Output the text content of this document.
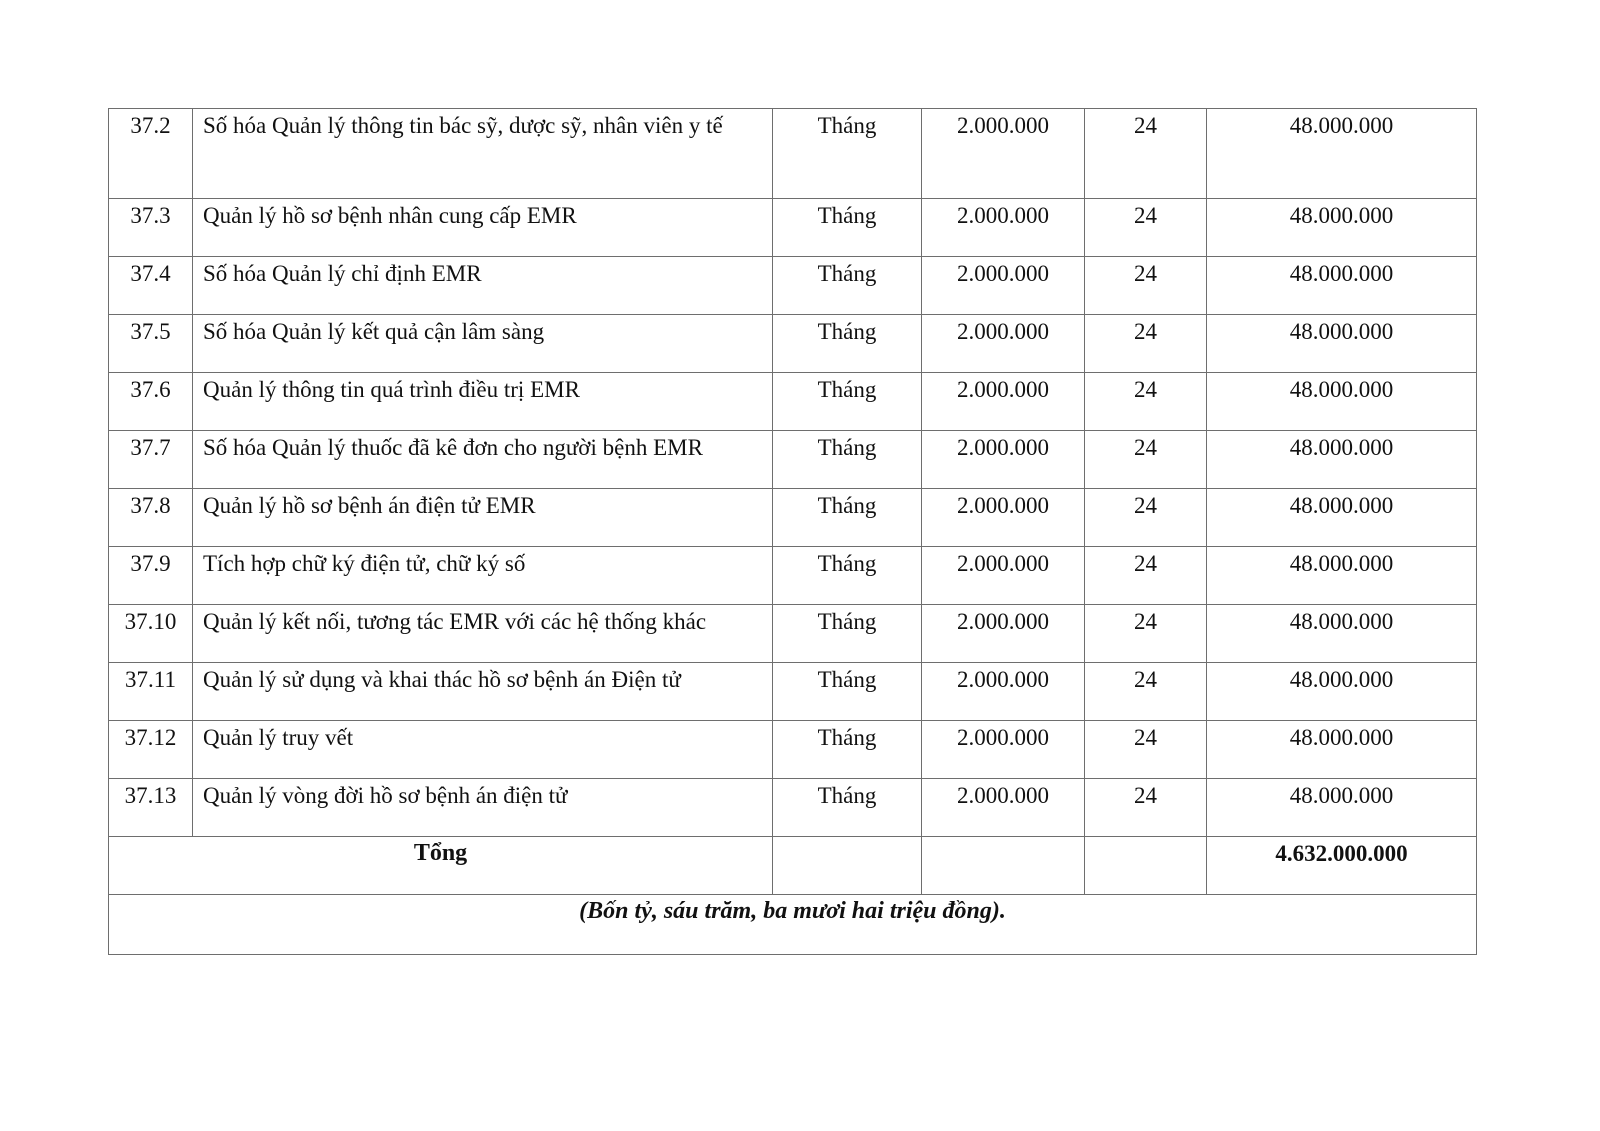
37.2	Số hóa Quản lý thông tin bác sỹ, dược sỹ, nhân viên y tế	Tháng	2.000.000	24	48.000.000
37.3	Quản lý hồ sơ bệnh nhân cung cấp EMR	Tháng	2.000.000	24	48.000.000
37.4	Số hóa Quản lý chỉ định EMR	Tháng	2.000.000	24	48.000.000
37.5	Số hóa Quản lý kết quả cận lâm sàng	Tháng	2.000.000	24	48.000.000
37.6	Quản lý thông tin quá trình điều trị EMR	Tháng	2.000.000	24	48.000.000
37.7	Số hóa Quản lý thuốc đã kê đơn cho người bệnh EMR	Tháng	2.000.000	24	48.000.000
37.8	Quản lý hồ sơ bệnh án điện tử EMR	Tháng	2.000.000	24	48.000.000
37.9	Tích hợp chữ ký điện tử, chữ ký số	Tháng	2.000.000	24	48.000.000
37.10	Quản lý kết nối, tương tác EMR với các hệ thống khác	Tháng	2.000.000	24	48.000.000
37.11	Quản lý sử dụng và khai thác hồ sơ bệnh án Điện tử	Tháng	2.000.000	24	48.000.000
37.12	Quản lý truy vết	Tháng	2.000.000	24	48.000.000
37.13	Quản lý vòng đời hồ sơ bệnh án điện tử	Tháng	2.000.000	24	48.000.000
Tổng					4.632.000.000
(Bốn tỷ, sáu trăm, ba mươi hai triệu đồng).					
